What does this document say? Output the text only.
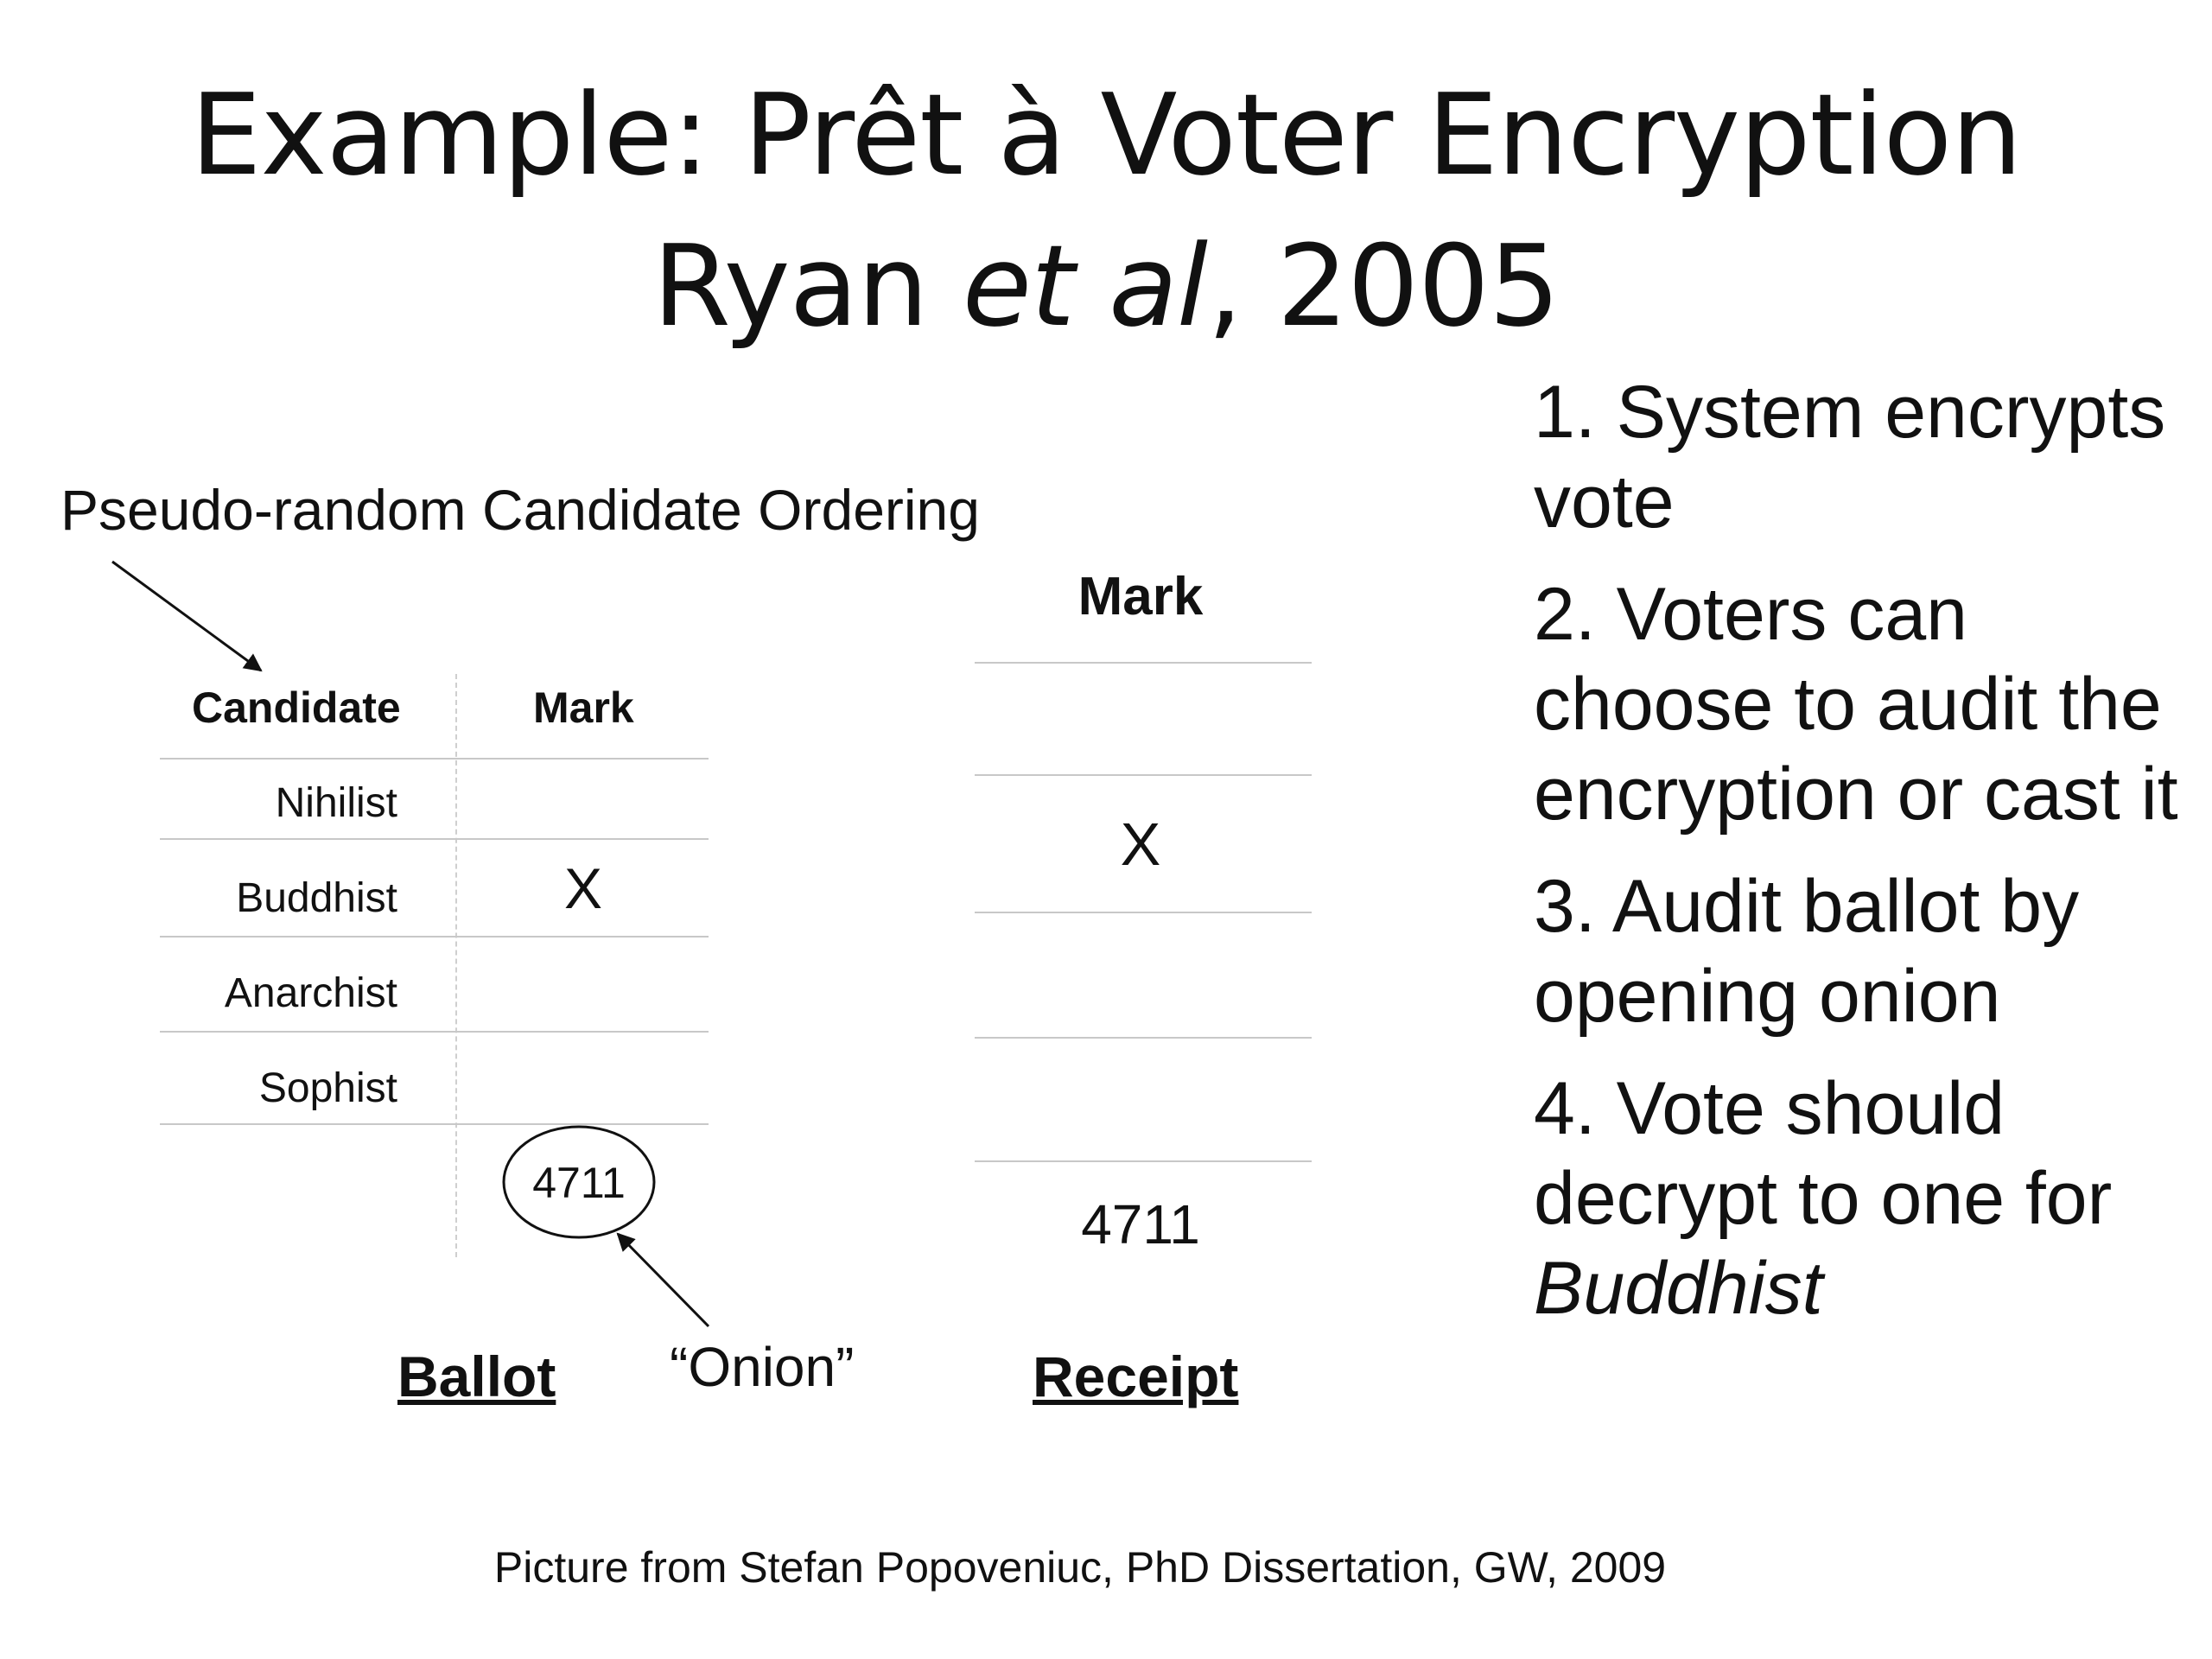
Example: Prêt à Voter Encryption
Ryan et al, 2005
Pseudo-random Candidate Ordering
Candidate	Mark
Nihilist
Buddhist	X
Anarchist
Sophist
4711
Ballot “Onion”
Mark
X
4711
Receipt
1. System encrypts vote
2. Voters can choose to audit the encryption or cast it
3. Audit ballot by opening onion
4. Vote should decrypt to one for Buddhist
Picture from Stefan Popoveniuc, PhD Dissertation, GW, 2009
